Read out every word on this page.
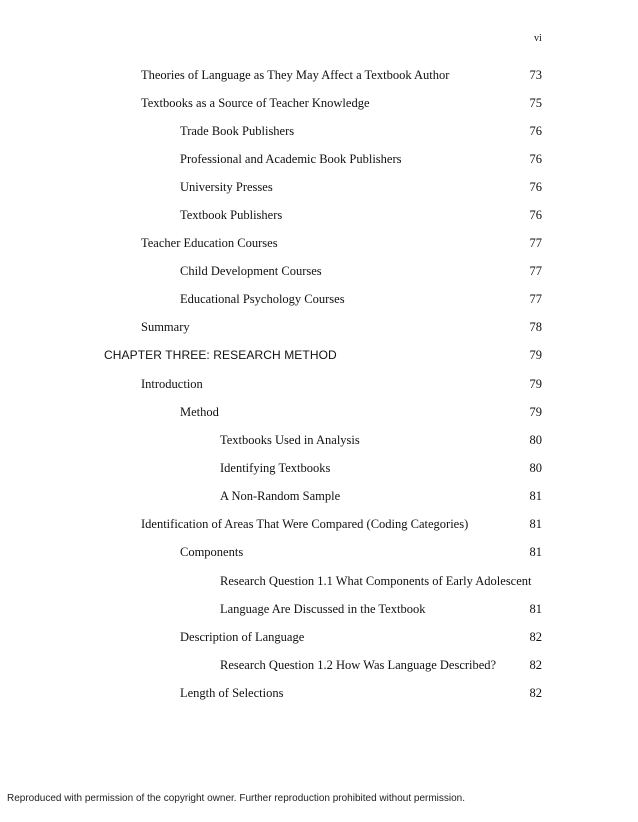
vi
Theories of Language as They May Affect a Textbook Author	73
Textbooks as a Source of Teacher Knowledge	75
Trade Book Publishers	76
Professional and Academic Book Publishers	76
University Presses	76
Textbook Publishers	76
Teacher Education Courses	77
Child Development Courses	77
Educational Psychology Courses	77
Summary	78
CHAPTER THREE: RESEARCH METHOD	79
Introduction	79
Method	79
Textbooks Used in Analysis	80
Identifying Textbooks	80
A Non-Random Sample	81
Identification of Areas That Were Compared (Coding Categories)	81
Components	81
Research Question 1.1 What Components of Early Adolescent
Language Are Discussed in the Textbook	81
Description of Language	82
Research Question 1.2 How Was Language Described?	82
Length of Selections	82
Reproduced with permission of the copyright owner. Further reproduction prohibited without permission.
